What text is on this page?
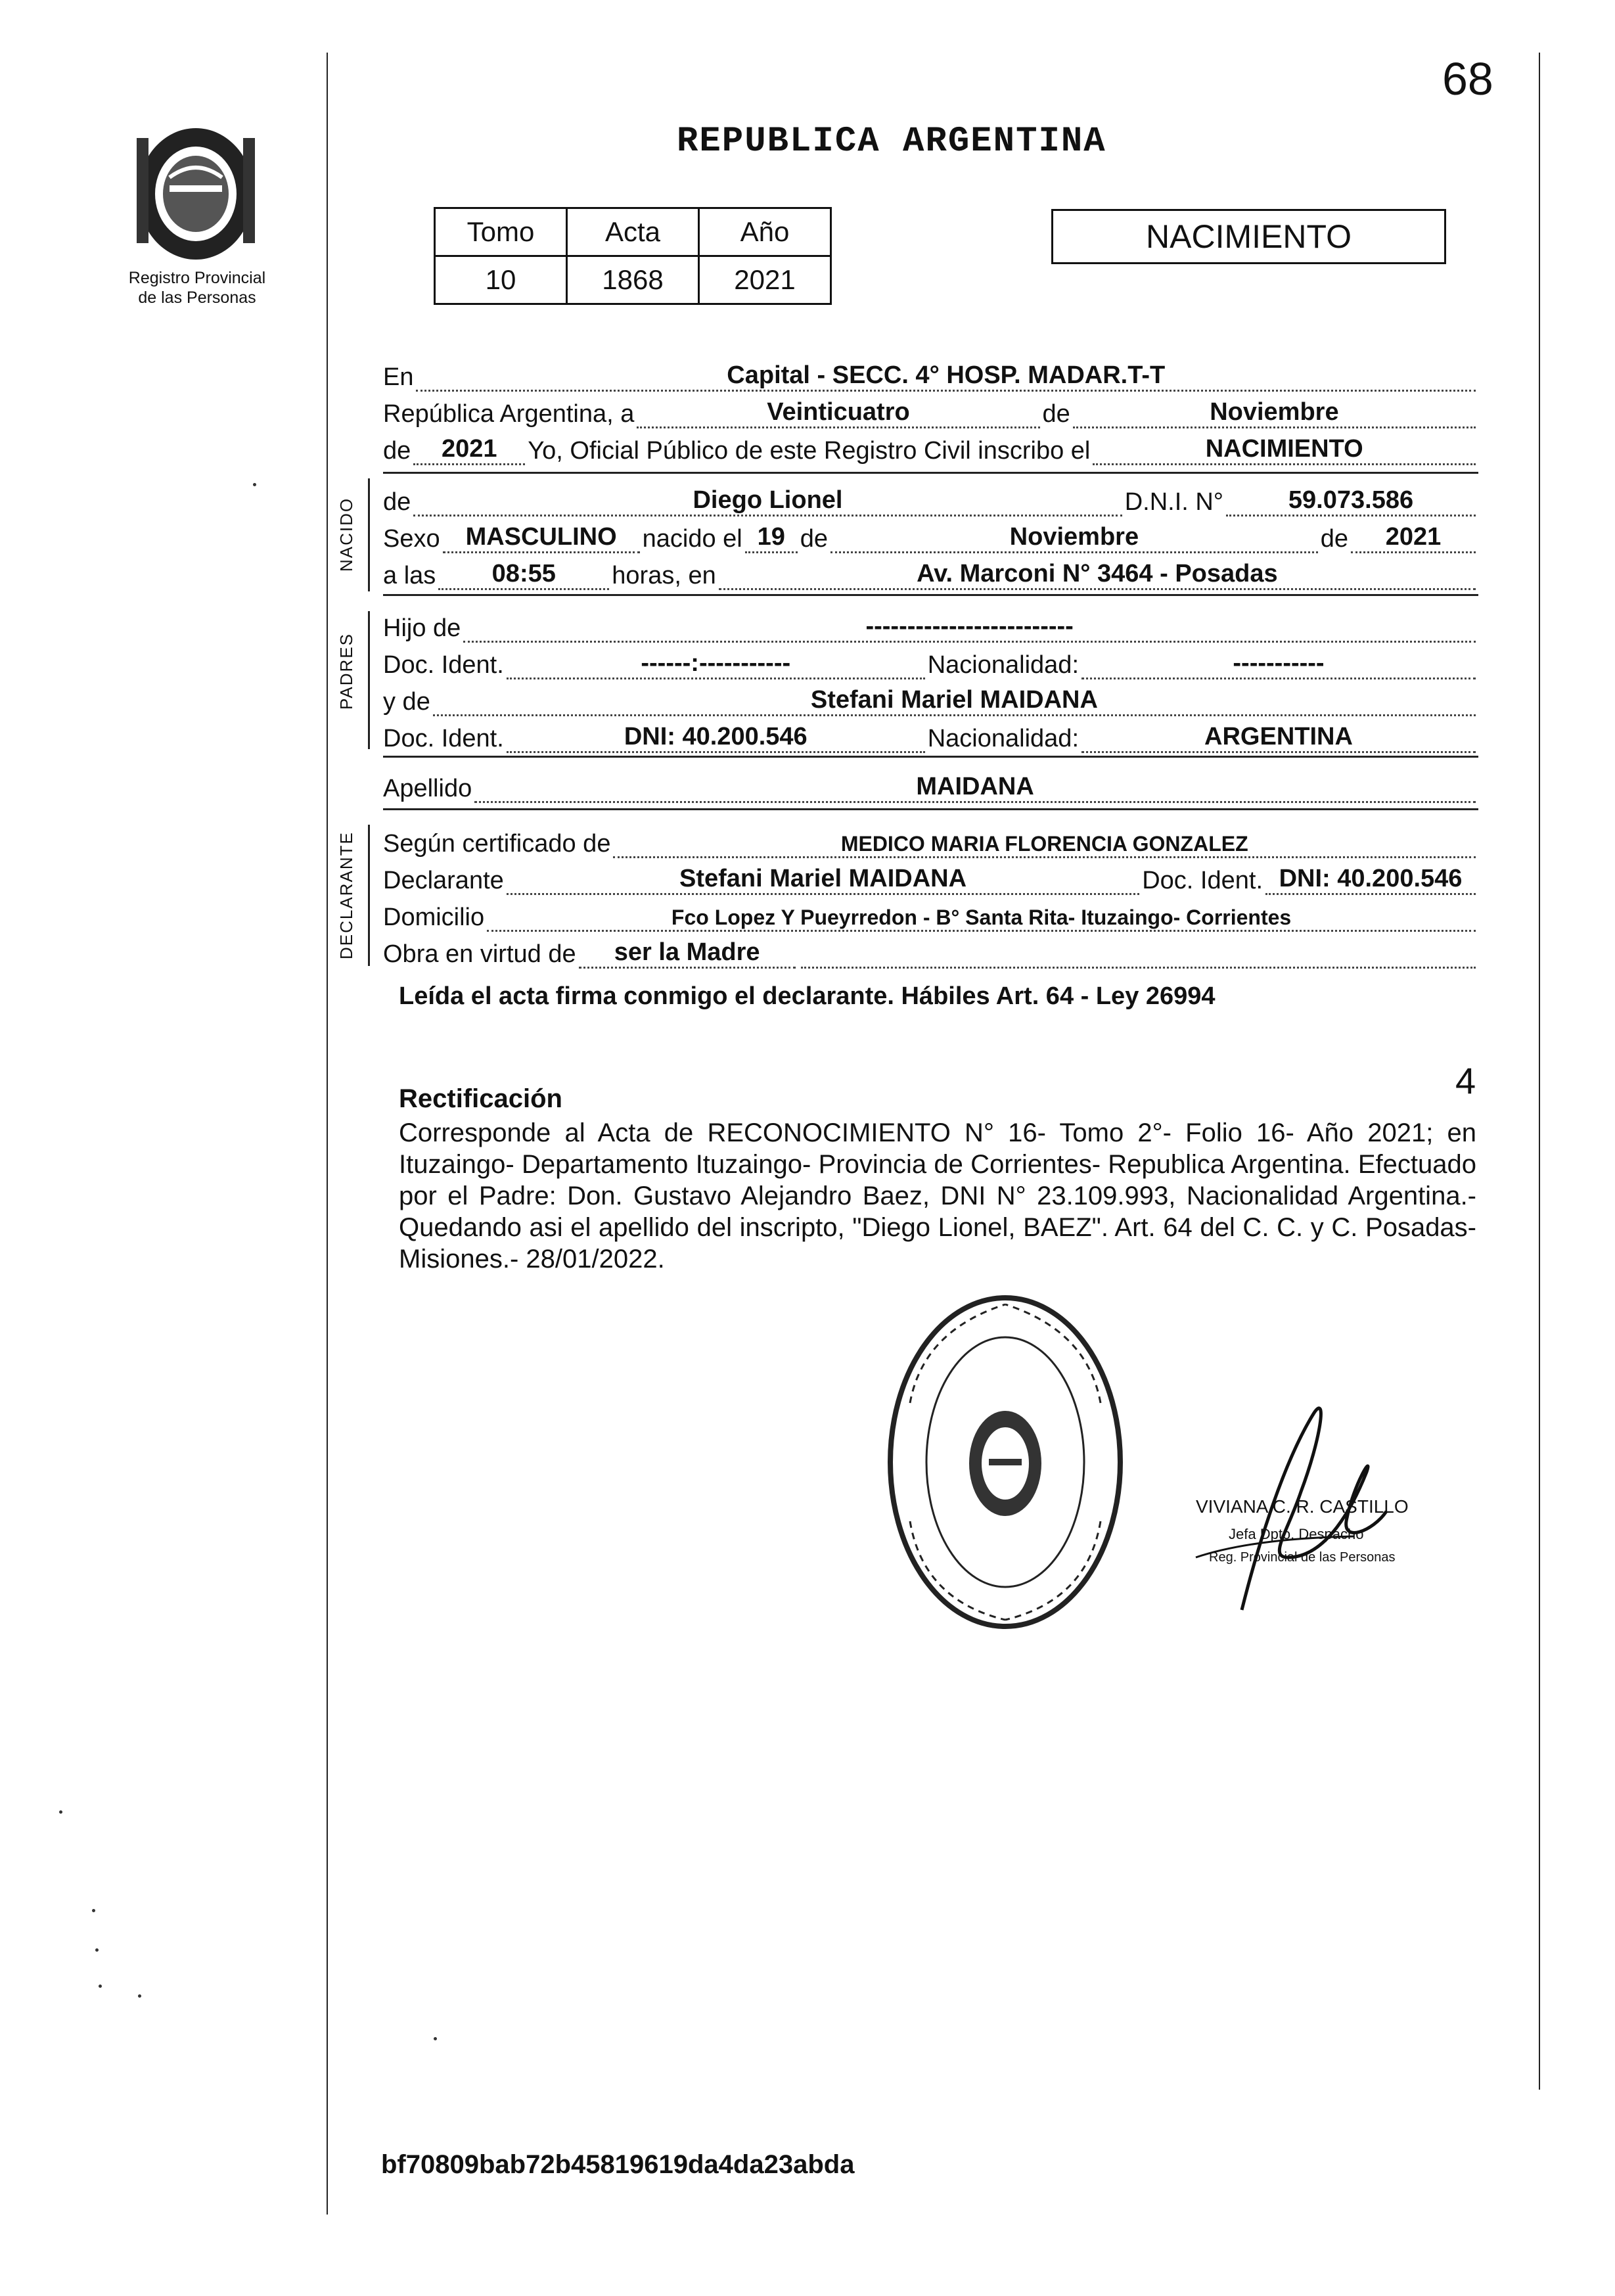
68
REPUBLICA ARGENTINA
Registro Provincial
de las Personas
Tomo	Acta	Año
10	1868	2021
NACIMIENTO
En	Capital - SECC. 4° HOSP. MADAR.T-T
República Argentina, a	Veinticuatro	de	Noviembre
de	2021	Yo, Oficial Público de este Registro Civil inscribo el	NACIMIENTO
NACIDO de	Diego Lionel	D.N.I. N°	59.073.586
Sexo	MASCULINO	nacido el 19 de	Noviembre	de	2021
a las	08:55	horas, en	Av. Marconi N° 3464 - Posadas
PADRES
Hijo de	-------------------------
Doc. Ident.	------:-----------	Nacionalidad:	-----------
y de	Stefani Mariel MAIDANA
Doc. Ident.	DNI: 40.200.546	Nacionalidad:	ARGENTINA
Apellido	MAIDANA
DECLARANTE Según certificado de	MEDICO MARIA FLORENCIA GONZALEZ
Declarante	Stefani Mariel MAIDANA	Doc. Ident. DNI: 40.200.546
Domicilio	Fco Lopez Y Pueyrredon - B° Santa Rita- Ituzaingo- Corrientes
Obra en virtud de	ser la Madre
Leída el acta firma conmigo el declarante. Hábiles Art. 64 - Ley 26994
4
Rectificación
Corresponde al Acta de RECONOCIMIENTO N° 16- Tomo 2°- Folio 16- Año 2021; en Ituzaingo- Departamento Ituzaingo- Provincia de Corrientes- Republica Argentina. Efectuado por el Padre: Don. Gustavo Alejandro Baez, DNI N° 23.109.993, Nacionalidad Argentina.- Quedando asi el apellido del inscripto, "Diego Lionel, BAEZ". Art. 64 del C. C. y C. Posadas- Misiones.- 28/01/2022.
VIVIANA C. R. CASTILLO
Jefa Dpto. Despacho
Reg. Provincial de las Personas
bf70809bab72b45819619da4da23abda
